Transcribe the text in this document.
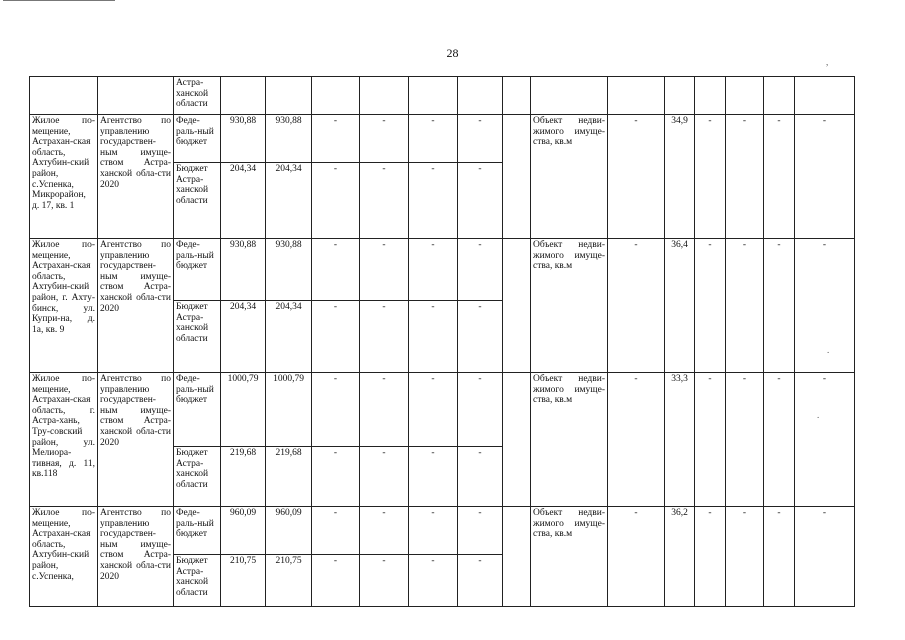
28
		Астра-ханской области														
Жилое по-мещение, Астрахан-ская область, Ахтубин-ский район, с.Успенка, Микрорайон, д. 17, кв. 1	Агентство по управлению государствен-ным имуще-ством Астра-ханской обла-сти 2020	Феде-раль-ный бюджет	930,88	930,88	-	-	-	-		Объект недви-жимого имуще-ства, кв.м	-	34,9	-	-	-	-
		Бюджет Астра-ханской области	204,34	204,34	-	-	-	-								
Жилое по-мещение, Астрахан-ская область, Ахтубин-ский район, г. Ахту-бинск, ул. Купри-на, д. 1а, кв. 9	Агентство по управлению государствен-ным имуще-ством Астра-ханской обла-сти 2020	Феде-раль-ный бюджет	930,88	930,88	-	-	-	-		Объект недви-жимого имуще-ства, кв.м	-	36,4	-	-	-	-
		Бюджет Астра-ханской области	204,34	204,34	-	-	-	-								
Жилое по-мещение, Астрахан-ская область, г. Астра-хань, Тру-совский район, ул. Мелиора-тивная, д. 11, кв.118	Агентство по управлению государствен-ным имуще-ством Астра-ханской обла-сти 2020	Феде-раль-ный бюджет	1000,79	1000,79	-	-	-	-		Объект недви-жимого имуще-ства, кв.м	-	33,3	-	-	-	-
		Бюджет Астра-ханской области	219,68	219,68	-	-	-	-								
Жилое по-мещение, Астрахан-ская область, Ахтубин-ский район, с.Успенка,	Агентство по управлению государствен-ным имуще-ством Астра-ханской обла-сти 2020	Феде-раль-ный бюджет	960,09	960,09	-	-	-	-		Объект недви-жимого имуще-ства, кв.м	-	36,2	-	-	-	-
		Бюджет Астра-ханской области	210,75	210,75	-	-	-	-								
,
.
.
